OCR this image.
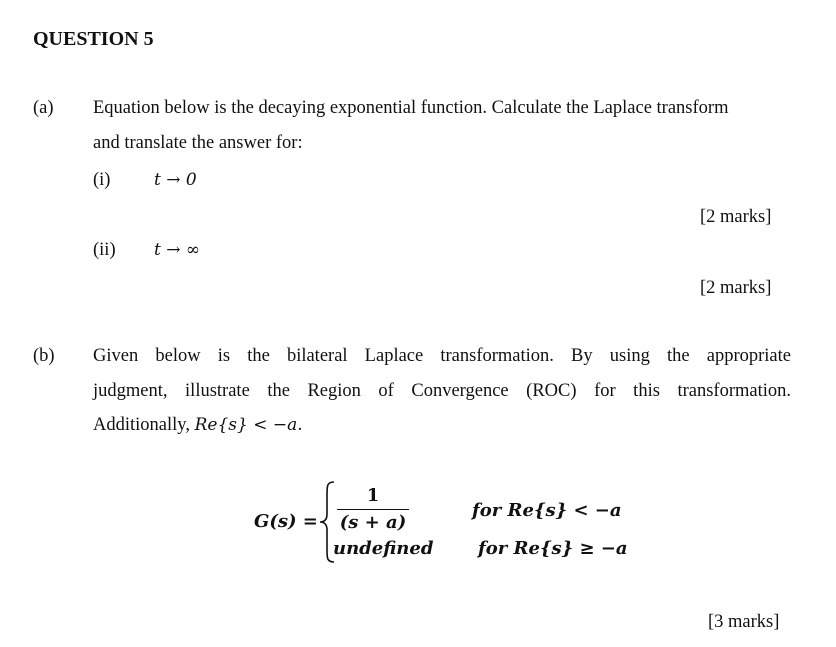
QUESTION 5
(a) Equation below is the decaying exponential function. Calculate the Laplace transform
and translate the answer for:
(i)	t → 0
[2 marks]
(ii) t → ∞
[2 marks]
(b) Given below is the bilateral Laplace transformation. By using the appropriate
judgment, illustrate the Region of Convergence (ROC) for this transformation.
Additionally, Re{s} < −a.
G(s) =
1
(s + a)
for Re{s} < −a
undefined for Re{s} ≥ −a
[3 marks]
